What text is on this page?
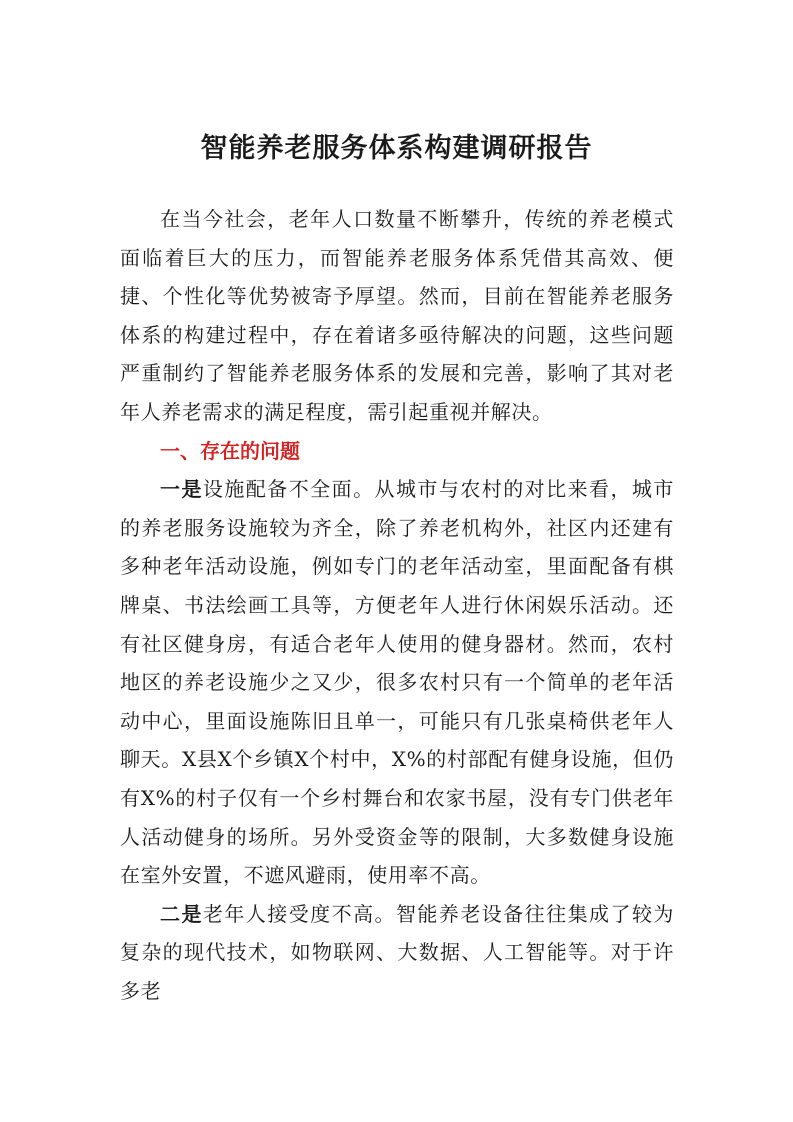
智能养老服务体系构建调研报告

在当今社会，老年人口数量不断攀升，传统的养老模式面临着巨大的压力，而智能养老服务体系凭借其高效、便捷、个性化等优势被寄予厚望。然而，目前在智能养老服务体系的构建过程中，存在着诸多亟待解决的问题，这些问题严重制约了智能养老服务体系的发展和完善，影响了其对老年人养老需求的满足程度，需引起重视并解决。

一、存在的问题

一是设施配备不全面。从城市与农村的对比来看，城市的养老服务设施较为齐全，除了养老机构外，社区内还建有多种老年活动设施，例如专门的老年活动室，里面配备有棋牌桌、书法绘画工具等，方便老年人进行休闲娱乐活动。还有社区健身房，有适合老年人使用的健身器材。然而，农村地区的养老设施少之又少，很多农村只有一个简单的老年活动中心，里面设施陈旧且单一，可能只有几张桌椅供老年人聊天。X县X个乡镇X个村中，X%的村部配有健身设施，但仍有X%的村子仅有一个乡村舞台和农家书屋，没有专门供老年人活动健身的场所。另外受资金等的限制，大多数健身设施在室外安置，不遮风避雨，使用率不高。

二是老年人接受度不高。智能养老设备往往集成了较为复杂的现代技术，如物联网、大数据、人工智能等。对于许多老
